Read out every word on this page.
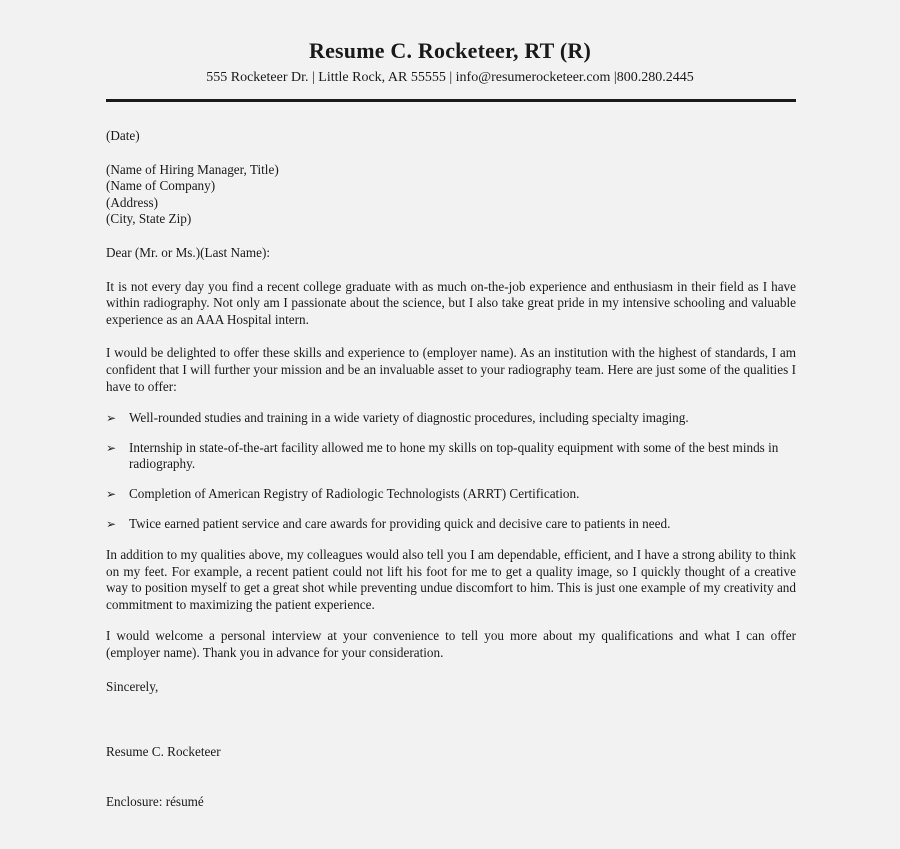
Resume C. Rocketeer, RT (R)
555 Rocketeer Dr. | Little Rock, AR 55555 | info@resumerocketeer.com |800.280.2445

(Date)

(Name of Hiring Manager, Title)
(Name of Company)
(Address)
(City, State Zip)

Dear (Mr. or Ms.)(Last Name):

It is not every day you find a recent college graduate with as much on-the-job experience and enthusiasm in their field as I have within radiography. Not only am I passionate about the science, but I also take great pride in my intensive schooling and valuable experience as an AAA Hospital intern.

I would be delighted to offer these skills and experience to (employer name). As an institution with the highest of standards, I am confident that I will further your mission and be an invaluable asset to your radiography team. Here are just some of the qualities I have to offer:

➢ Well-rounded studies and training in a wide variety of diagnostic procedures, including specialty imaging.
➢ Internship in state-of-the-art facility allowed me to hone my skills on top-quality equipment with some of the best minds in radiography.
➢ Completion of American Registry of Radiologic Technologists (ARRT) Certification.
➢ Twice earned patient service and care awards for providing quick and decisive care to patients in need.

In addition to my qualities above, my colleagues would also tell you I am dependable, efficient, and I have a strong ability to think on my feet. For example, a recent patient could not lift his foot for me to get a quality image, so I quickly thought of a creative way to position myself to get a great shot while preventing undue discomfort to him. This is just one example of my creativity and commitment to maximizing the patient experience.

I would welcome a personal interview at your convenience to tell you more about my qualifications and what I can offer (employer name). Thank you in advance for your consideration.

Sincerely,

Resume C. Rocketeer

Enclosure: résumé
